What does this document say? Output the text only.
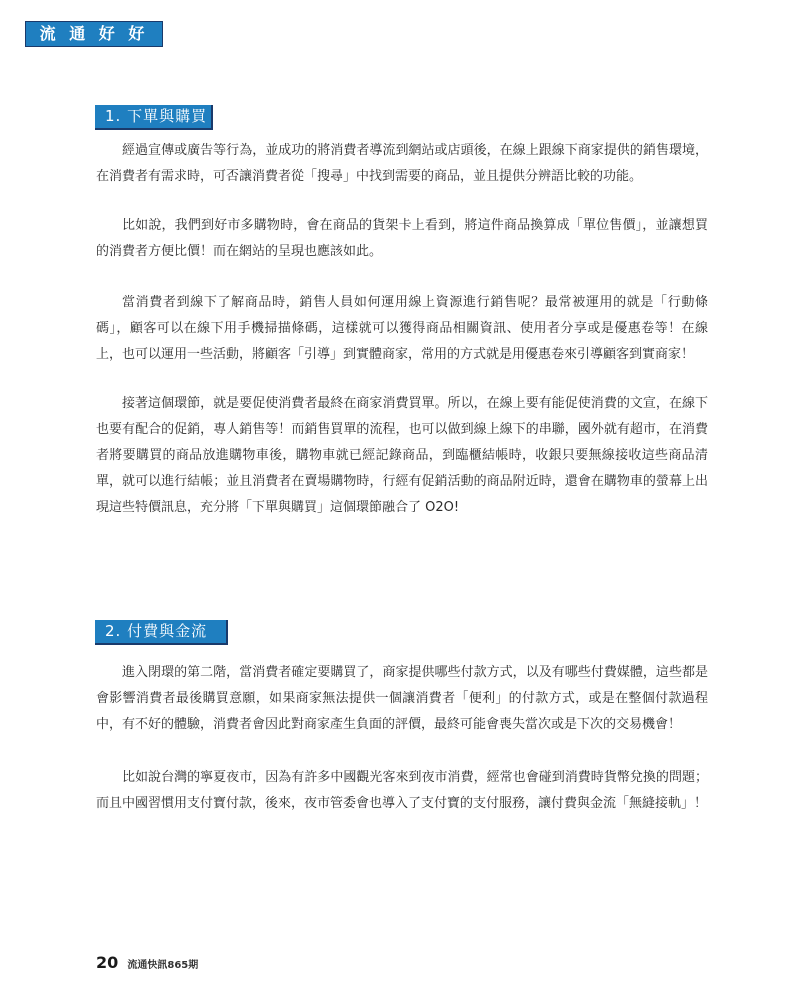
流 通 好 好 學
1. 下單與購買

經過宣傳或廣告等行為，並成功的將消費者導流到網站或店頭後，在線上跟線下商家提供的銷售環境，在消費者有需求時，可否讓消費者從「搜尋」中找到需要的商品，並且提供分辨語比較的功能。

比如說，我們到好市多購物時，會在商品的貨架卡上看到，將這件商品換算成「單位售價」，並讓想買的消費者方便比價！而在網站的呈現也應該如此。

當消費者到線下了解商品時，銷售人員如何運用線上資源進行銷售呢？最常被運用的就是「行動條碼」，顧客可以在線下用手機掃描條碼，這樣就可以獲得商品相關資訊、使用者分享或是優惠卷等！在線上，也可以運用一些活動，將顧客「引導」到實體商家，常用的方式就是用優惠卷來引導顧客到實商家！

接著這個環節，就是要促使消費者最終在商家消費買單。所以，在線上要有能促使消費的文宣，在線下也要有配合的促銷，專人銷售等！而銷售買單的流程，也可以做到線上線下的串聯，國外就有超市，在消費者將要購買的商品放進購物車後，購物車就已經記錄商品，到臨櫃結帳時，收銀只要無線接收這些商品清單，就可以進行結帳；並且消費者在賣場購物時，行經有促銷活動的商品附近時，還會在購物車的螢幕上出現這些特價訊息，充分將「下單與購買」這個環節融合了 O2O!

2. 付費與金流

進入閉環的第二階，當消費者確定要購買了，商家提供哪些付款方式，以及有哪些付費媒體，這些都是會影響消費者最後購買意願，如果商家無法提供一個讓消費者「便利」的付款方式，或是在整個付款過程中，有不好的體驗，消費者會因此對商家產生負面的評價，最終可能會喪失當次或是下次的交易機會！

比如說台灣的寧夏夜市，因為有許多中國觀光客來到夜市消費，經常也會碰到消費時貨幣兌換的問題；而且中國習慣用支付寶付款，後來，夜市管委會也導入了支付寶的支付服務，讓付費與金流「無縫接軌」！

20 流通快訊865期
